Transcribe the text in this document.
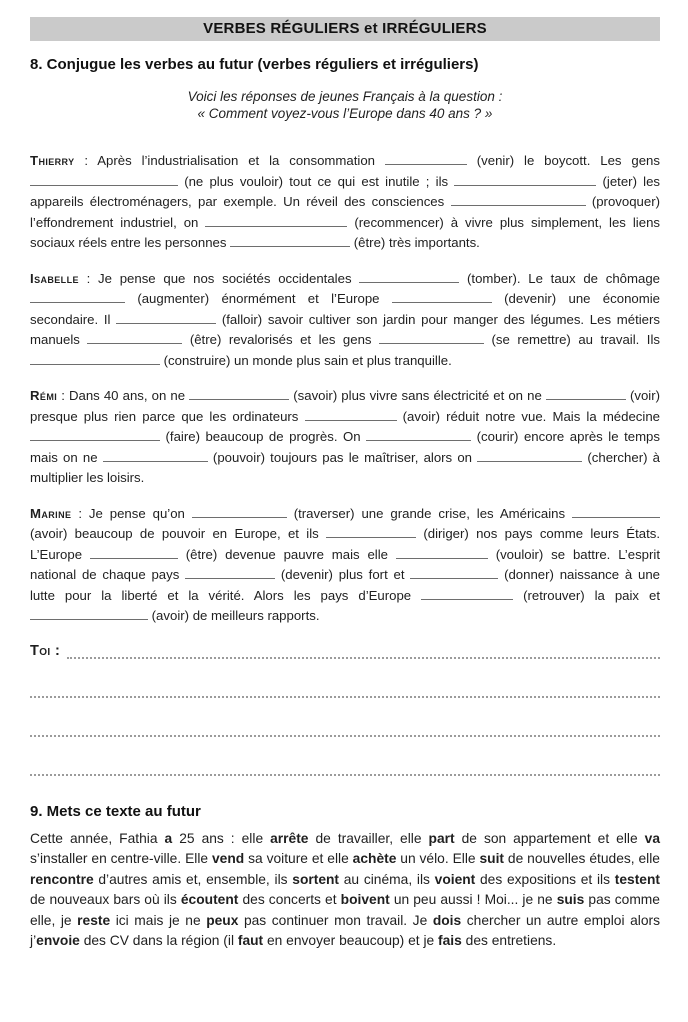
VERBES RÉGULIERS et IRRÉGULIERS
8. Conjugue les verbes au futur (verbes réguliers et irréguliers)
Voici les réponses de jeunes Français à la question :
« Comment voyez-vous l’Europe dans 40 ans ? »

Thierry : Après l’industrialisation et la consommation	(venir) le boycott. Les gens  (ne plus vouloir) tout ce qui est inutile ; ils	(jeter) les appareils électroménagers, par exemple. Un réveil des consciences	(provoquer) l’effondrement industriel, on	(recommencer) à vivre plus simplement, les liens sociaux réels entre les personnes	(être) très importants.

Isabelle : Je pense que nos sociétés occidentales	(tomber). Le taux de chômage  (augmenter) énormément et l’Europe	(devenir) une économie secondaire. Il	(falloir) savoir cultiver son jardin pour manger des légumes. Les métiers manuels	(être) revalorisés et les gens	(se remettre) au travail. Ils  (construire) un monde plus sain et plus tranquille.

Rémi : Dans 40 ans, on ne	(savoir) plus vivre sans électricité et on ne	(voir) presque plus rien parce que les ordinateurs	(avoir) réduit notre vue. Mais la médecine  (faire) beaucoup de progrès. On	(courir) encore après le temps mais on ne	(pouvoir) toujours pas le maîtriser, alors on	(chercher) à multiplier les loisirs.

Marine : Je pense qu’on	(traverser) une grande crise, les Américains  (avoir) beaucoup de pouvoir en Europe, et ils	(diriger) nos pays comme leurs États. L’Europe	(être) devenue pauvre mais elle	(vouloir) se battre. L’esprit national de chaque pays	(devenir) plus fort et	(donner) naissance à une lutte pour la liberté et la vérité. Alors les pays d’Europe	(retrouver) la paix et  (avoir) de meilleurs rapports.

Toi :
9. Mets ce texte au futur

Cette année, Fathia a 25 ans : elle arrête de travailler, elle part de son appartement et elle va s’installer en centre-ville. Elle vend sa voiture et elle achète un vélo. Elle suit de nouvelles études, elle rencontre d’autres amis et, ensemble, ils sortent au cinéma, ils voient des expositions et ils testent de nouveaux bars où ils écoutent des concerts et boivent un peu aussi ! Moi... je ne suis pas comme elle, je reste ici mais je ne peux pas continuer mon travail. Je dois chercher un autre emploi alors j’envoie des CV dans la région (il faut en envoyer beaucoup) et je fais des entretiens.
